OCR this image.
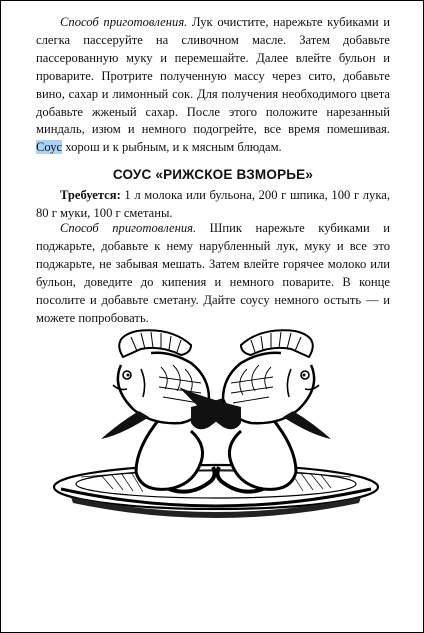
Способ приготовления. Лук очистите, нарежьте кубиками и слегка пассеруйте на сливочном масле. Затем добавьте пассерованную муку и перемешайте. Далее влейте бульон и проварите. Протрите полученную массу через сито, добавьте вино, сахар и лимонный сок. Для получения необходимого цвета добавьте жженый сахар. После этого положите нарезанный миндаль, изюм и немного подогрейте, все время помешивая. Соус хорош и к рыбным, и к мясным блюдам.

СОУС «РИЖСКОЕ ВЗМОРЬЕ»

Требуется: 1 л молока или бульона, 200 г шпика, 100 г лука, 80 г муки, 100 г сметаны.

Способ приготовления. Шпик нарежьте кубиками и поджарьте, добавьте к нему нарубленный лук, муку и все это поджарьте, не забывая мешать. Затем влейте горячее молоко или бульон, доведите до кипения и немного поварите. В конце посолите и добавьте сметану. Дайте соусу немного остыть — и можете попробовать.
